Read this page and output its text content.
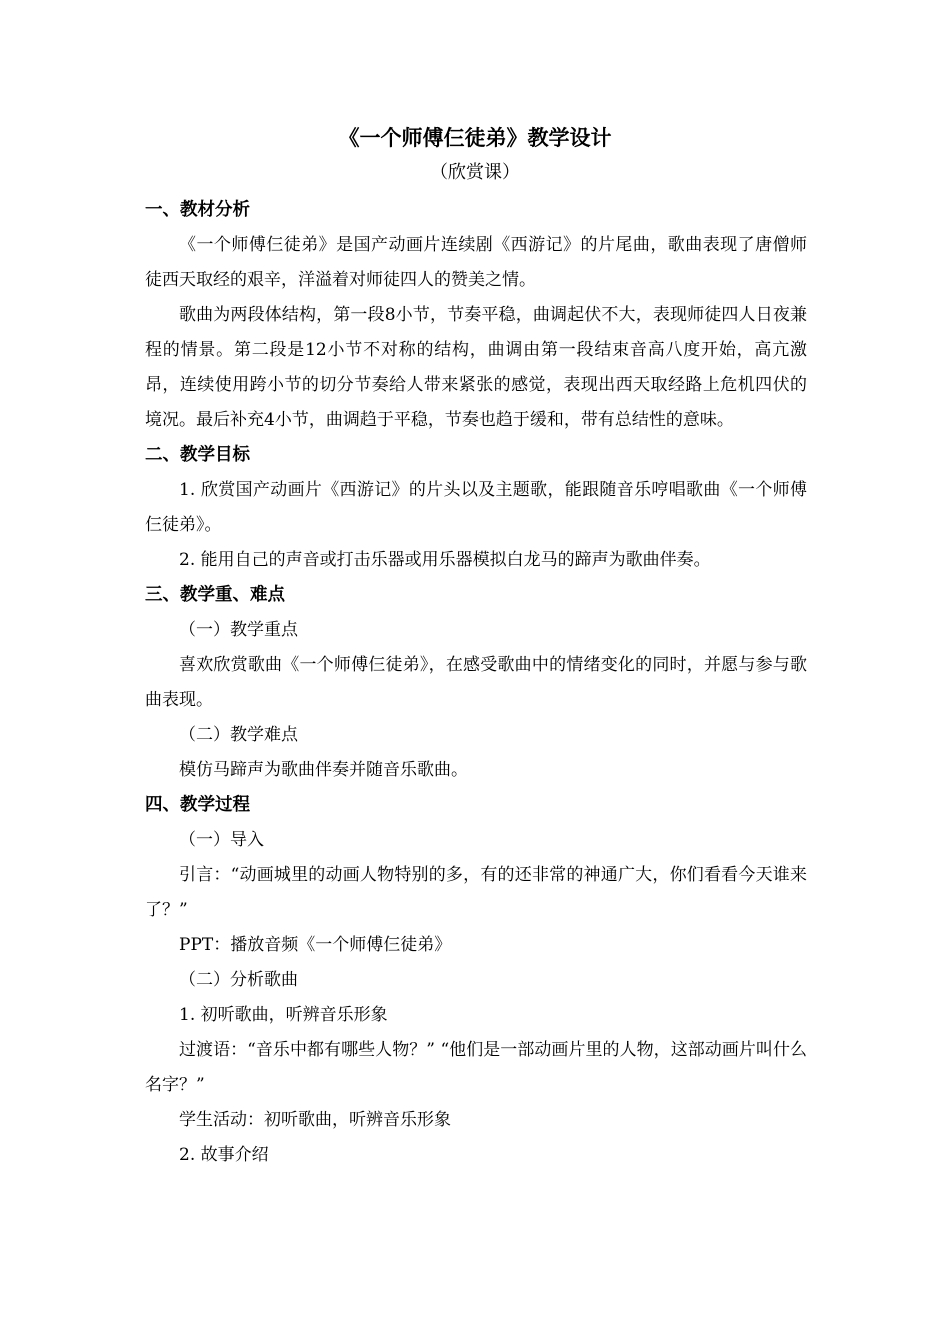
《一个师傅仨徒弟》教学设计
（欣赏课）
一、教材分析

《一个师傅仨徒弟》是国产动画片连续剧《西游记》的片尾曲，歌曲表现了唐僧师徒西天取经的艰辛，洋溢着对师徒四人的赞美之情。

歌曲为两段体结构，第一段8小节，节奏平稳，曲调起伏不大，表现师徒四人日夜兼程的情景。第二段是12小节不对称的结构，曲调由第一段结束音高八度开始，高亢激昂，连续使用跨小节的切分节奏给人带来紧张的感觉，表现出西天取经路上危机四伏的境况。最后补充4小节，曲调趋于平稳，节奏也趋于缓和，带有总结性的意味。

二、教学目标

1. 欣赏国产动画片《西游记》的片头以及主题歌，能跟随音乐哼唱歌曲《一个师傅仨徒弟》。

2. 能用自己的声音或打击乐器或用乐器模拟白龙马的蹄声为歌曲伴奏。

三、教学重、难点
（一）教学重点

喜欢欣赏歌曲《一个师傅仨徒弟》，在感受歌曲中的情绪变化的同时，并愿与参与歌曲表现。

（二）教学难点

模仿马蹄声为歌曲伴奏并随音乐歌曲。

四、教学过程
（一）导入

引言：“动画城里的动画人物特别的多，有的还非常的神通广大，你们看看今天谁来了？”

PPT：播放音频《一个师傅仨徒弟》

（二）分析歌曲

1. 初听歌曲，听辨音乐形象

过渡语：“音乐中都有哪些人物？” “他们是一部动画片里的人物，这部动画片叫什么名字？”

学生活动：初听歌曲，听辨音乐形象

2. 故事介绍
